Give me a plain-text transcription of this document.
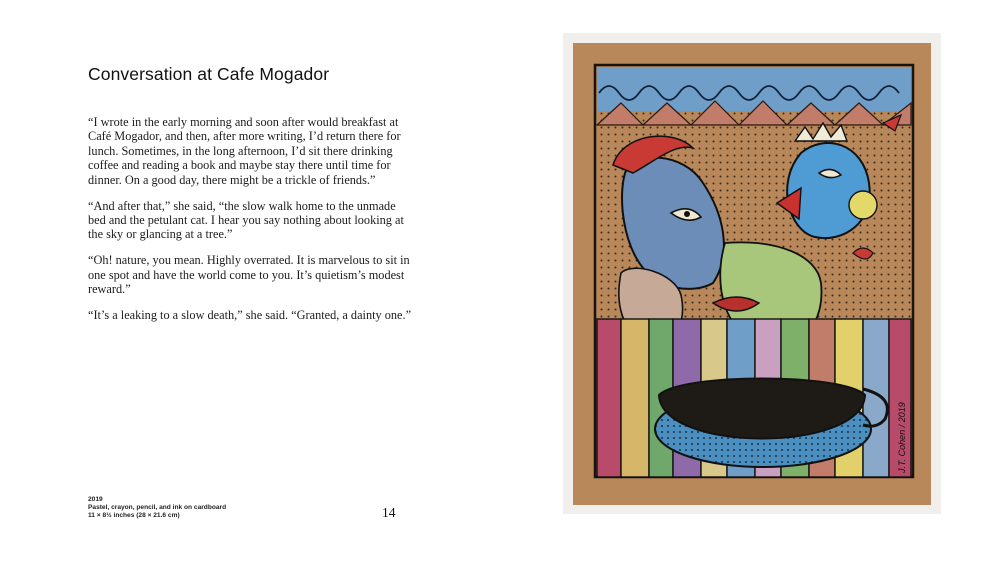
Conversation at Cafe Mogador

“I wrote in the early morning and soon after would breakfast at Café Mogador, and then, after more writing, I’d return there for lunch. Sometimes, in the long afternoon, I’d sit there drinking coffee and reading a book and maybe stay there until time for dinner. On a good day, there might be a trickle of friends.”

“And after that,” she said, “the slow walk home to the unmade bed and the petulant cat. I hear you say nothing about looking at the sky or glancing at a tree.”

“Oh! nature, you mean. Highly overrated. It is marvelous to sit in one spot and have the world come to you. It’s quietism’s modest reward.”

“It’s a leaking to a slow death,” she said. “Granted, a dainty one.”

2019
Pastel, crayon, pencil, and ink on cardboard
11 × 8½ inches (28 × 21.6 cm)	14
J.T. Cohen / 2019
